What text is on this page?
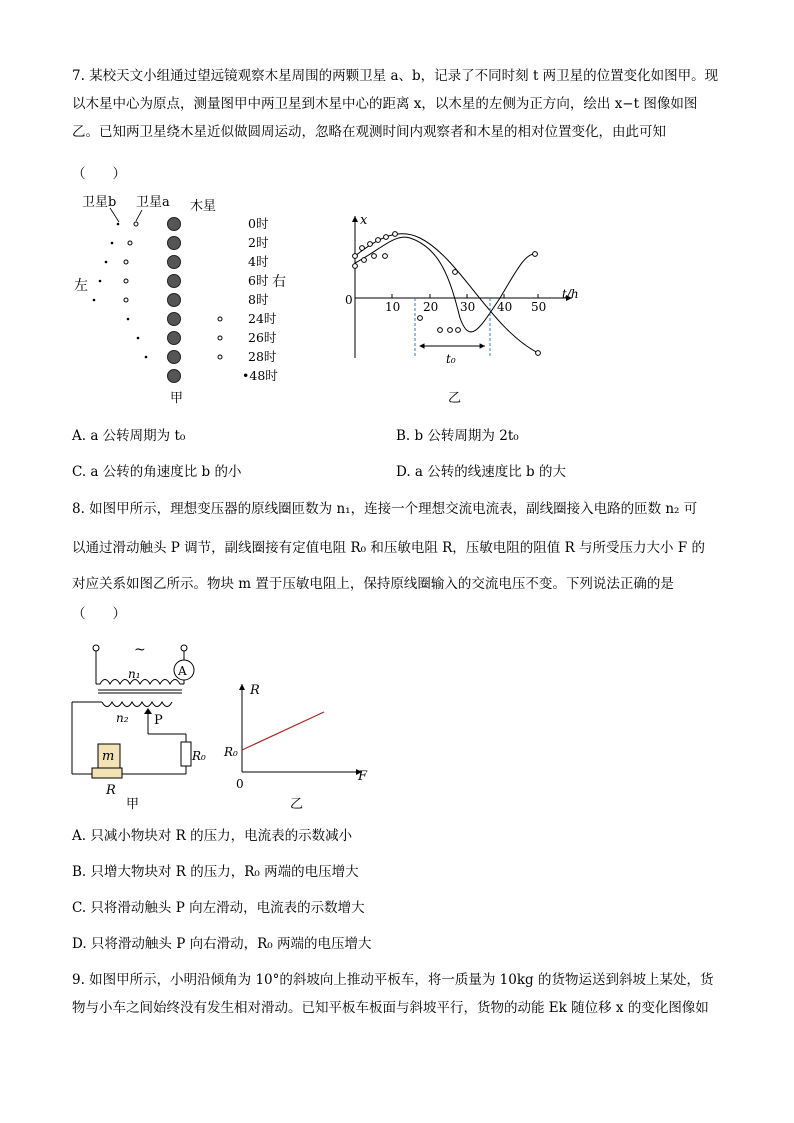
7. 某校天文小组通过望远镜观察木星周围的两颗卫星 a、b，记录了不同时刻 t 两卫星的位置变化如图甲。现以木星中心为原点，测量图甲中两卫星到木星中心的距离 x，以木星的左侧为正方向，绘出 x−t 图像如图乙。已知两卫星绕木星近似做圆周运动，忽略在观测时间内观察者和木星的相对位置变化，由此可知

（　　）

卫星b 卫星a 木星
左	右
0时
2时
4时
6时
8时
24时
26时
28时
•48时
甲
x
t/h
0	10 20 30 40 50
t₀
乙

A. a 公转周期为 t₀	B. b 公转周期为 2t₀

C. a 公转的角速度比 b 的小	D. a 公转的线速度比 b 的大

8. 如图甲所示，理想变压器的原线圈匝数为 n₁，连接一个理想交流电流表，副线圈接入电路的匝数 n₂ 可

以通过滑动触头 P 调节，副线圈接有定值电阻 R₀ 和压敏电阻 R，压敏电阻的阻值 R 与所受压力大小 F 的

对应关系如图乙所示。物块 m 置于压敏电阻上，保持原线圈输入的交流电压不变。下列说法正确的是

（　　）

~
A
n₁
n₂ P
R₀
m
R
甲
R
F
R₀
0
乙

A. 只减小物块对 R 的压力，电流表的示数减小

B. 只增大物块对 R 的压力，R₀ 两端的电压增大

C. 只将滑动触头 P 向左滑动，电流表的示数增大

D. 只将滑动触头 P 向右滑动，R₀ 两端的电压增大

9. 如图甲所示，小明沿倾角为 10°的斜坡向上推动平板车，将一质量为 10kg 的货物运送到斜坡上某处，货物与小车之间始终没有发生相对滑动。已知平板车板面与斜坡平行，货物的动能 Ek 随位移 x 的变化图像如
